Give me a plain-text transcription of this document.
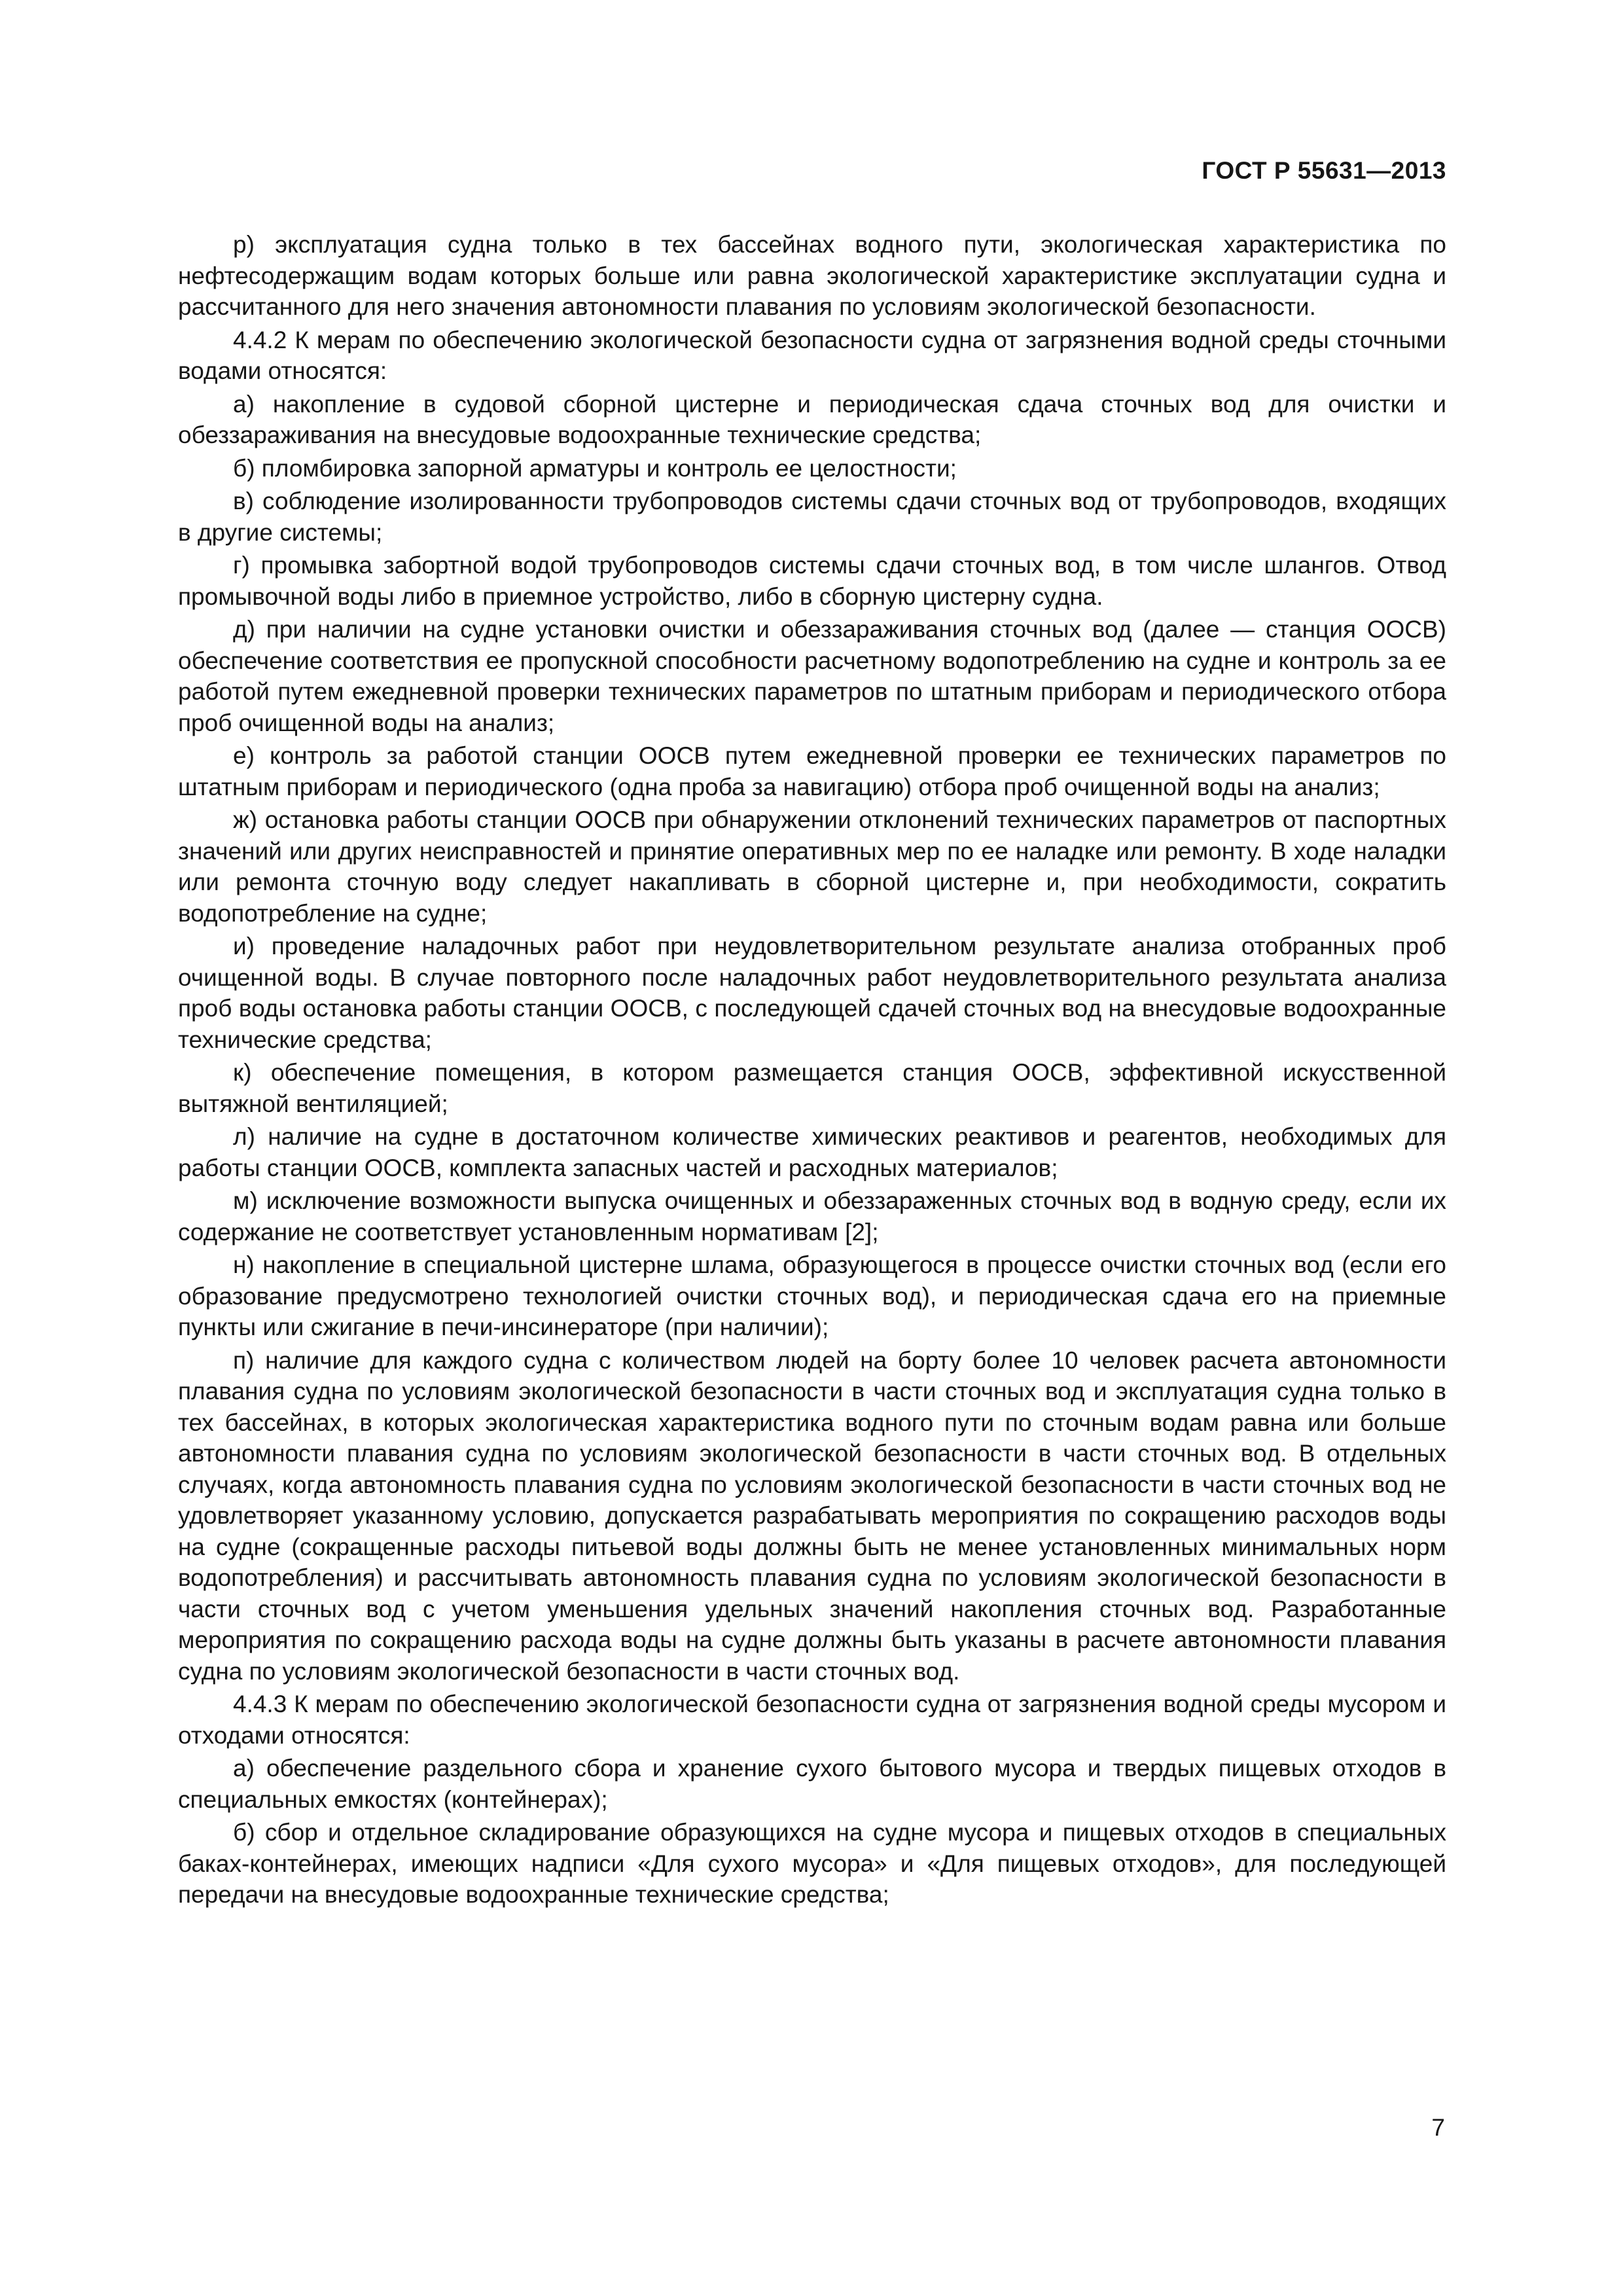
ГОСТ Р 55631—2013

р) эксплуатация судна только в тех бассейнах водного пути, экологическая характеристика по нефтесодержащим водам которых больше или равна экологической характеристике эксплуатации судна и рассчитанного для него значения автономности плавания по условиям экологической безопасности.

4.4.2 К мерам по обеспечению экологической безопасности судна от загрязнения водной среды сточными водами относятся:

а) накопление в судовой сборной цистерне и периодическая сдача сточных вод для очистки и обеззараживания на внесудовые водоохранные технические средства;

б) пломбировка запорной арматуры и контроль ее целостности;

в) соблюдение изолированности трубопроводов системы сдачи сточных вод от трубопроводов, входящих в другие системы;

г) промывка забортной водой трубопроводов системы сдачи сточных вод, в том числе шлангов. Отвод промывочной воды либо в приемное устройство, либо в сборную цистерну судна.

д) при наличии на судне установки очистки и обеззараживания сточных вод (далее — станция ООСВ) обеспечение соответствия ее пропускной способности расчетному водопотреблению на судне и контроль за ее работой путем ежедневной проверки технических параметров по штатным приборам и периодического отбора проб очищенной воды на анализ;

е) контроль за работой станции ООСВ путем ежедневной проверки ее технических параметров по штатным приборам и периодического (одна проба за навигацию) отбора проб очищенной воды на анализ;

ж) остановка работы станции ООСВ при обнаружении отклонений технических параметров от паспортных значений или других неисправностей и принятие оперативных мер по ее наладке или ремонту. В ходе наладки или ремонта сточную воду следует накапливать в сборной цистерне и, при необходимости, сократить водопотребление на судне;

и) проведение наладочных работ при неудовлетворительном результате анализа отобранных проб очищенной воды. В случае повторного после наладочных работ неудовлетворительного результата анализа проб воды остановка работы станции ООСВ, с последующей сдачей сточных вод на внесудовые водоохранные технические средства;

к) обеспечение помещения, в котором размещается станция ООСВ, эффективной искусственной вытяжной вентиляцией;

л) наличие на судне в достаточном количестве химических реактивов и реагентов, необходимых для работы станции ООСВ, комплекта запасных частей и расходных материалов;

м) исключение возможности выпуска очищенных и обеззараженных сточных вод в водную среду, если их содержание не соответствует установленным нормативам [2];

н) накопление в специальной цистерне шлама, образующегося в процессе очистки сточных вод (если его образование предусмотрено технологией очистки сточных вод), и периодическая сдача его на приемные пункты или сжигание в печи-инсинераторе (при наличии);

п) наличие для каждого судна с количеством людей на борту более 10 человек расчета автономности плавания судна по условиям экологической безопасности в части сточных вод и эксплуатация судна только в тех бассейнах, в которых экологическая характеристика водного пути по сточным водам равна или больше автономности плавания судна по условиям экологической безопасности в части сточных вод. В отдельных случаях, когда автономность плавания судна по условиям экологической безопасности в части сточных вод не удовлетворяет указанному условию, допускается разрабатывать мероприятия по сокращению расходов воды на судне (сокращенные расходы питьевой воды должны быть не менее установленных минимальных норм водопотребления) и рассчитывать автономность плавания судна по условиям экологической безопасности в части сточных вод с учетом уменьшения удельных значений накопления сточных вод. Разработанные мероприятия по сокращению расхода воды на судне должны быть указаны в расчете автономности плавания судна по условиям экологической безопасности в части сточных вод.

4.4.3 К мерам по обеспечению экологической безопасности судна от загрязнения водной среды мусором и отходами относятся:

а) обеспечение раздельного сбора и хранение сухого бытового мусора и твердых пищевых отходов в специальных емкостях (контейнерах);

б) сбор и отдельное складирование образующихся на судне мусора и пищевых отходов в специальных баках-контейнерах, имеющих надписи «Для сухого мусора» и «Для пищевых отходов», для последующей передачи на внесудовые водоохранные технические средства;

7
